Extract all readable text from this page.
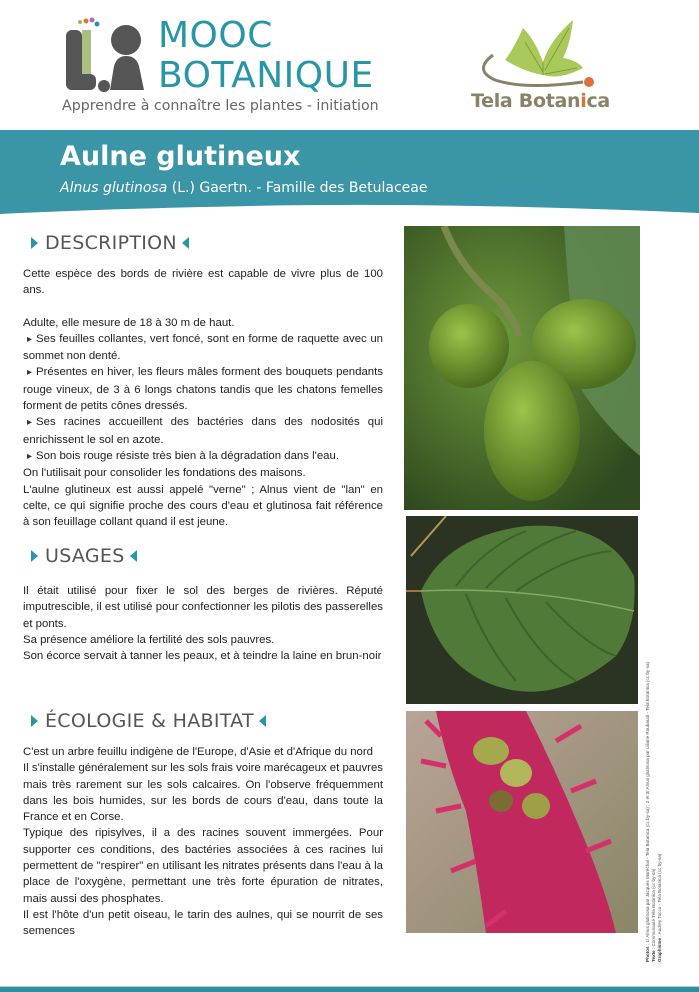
MOOC
BOTANIQUE
Apprendre à connaître les plantes - initiation	Tela Botanica
Aulne glutineux
Alnus glutinosa (L.) Gaertn. - Famille des Betulaceae
DESCRIPTION

Cette espèce des bords de rivière est capable de vivre plus de 100 ans.

Adulte, elle mesure de 18 à 30 m de haut.

▸ Ses feuilles collantes, vert foncé, sont en forme de raquette avec un sommet non denté.

▸ Présentes en hiver, les fleurs mâles forment des bouquets pendants rouge vineux, de 3 à 6 longs chatons tandis que les chatons femelles forment de petits cônes dressés.

▸ Ses racines accueillent des bactéries dans des nodosités qui enrichissent le sol en azote.

▸ Son bois rouge résiste très bien à la dégradation dans l'eau.

On l'utilisait pour consolider les fondations des maisons.

L'aulne glutineux est aussi appelé "verne" ; Alnus vient de "lan" en celte, ce qui signifie proche des cours d'eau et glutinosa fait référence à son feuillage collant quand il est jeune.

USAGES

Il était utilisé pour fixer le sol des berges de rivières. Réputé imputrescible, il est utilisé pour confectionner les pilotis des passerelles et ponts.

Sa présence améliore la fertilité des sols pauvres.

Son écorce servait à tanner les peaux, et à teindre la laine en brun-noir

ÉCOLOGIE & HABITAT

C'est un arbre feuillu indigène de l'Europe, d'Asie et d'Afrique du nord

Il s'installe généralement sur les sols frais voire marécageux et pauvres mais très rarement sur les sols calcaires. On l'observe fréquemment dans les bois humides, sur les bords de cours d'eau, dans toute la France et en Corse.

Typique des ripisylves, il a des racines souvent immergées. Pour supporter ces conditions, des bactéries associées à ces racines lui permettent de "respirer" en utilisant les nitrates présents dans l'eau à la place de l'oxygène, permettant une très forte épuration de nitrates, mais aussi des phosphates.

Il est l'hôte d'un petit oiseau, le tarin des aulnes, qui se nourrit de ses semences

Photos : 1/ Alnus glutinosa par Jacques Maréchal - Tela Botanica (cc by-sa) ; 2 et 3/ Alnus glutinosa par Liliane Roubaudi - Tela Botanica (cc by-sa)
Texte : Communauté Tela Botanica (cc by-sa) Graphisme : Audrey Tocco - Tela Botanica (cc by-sa)
